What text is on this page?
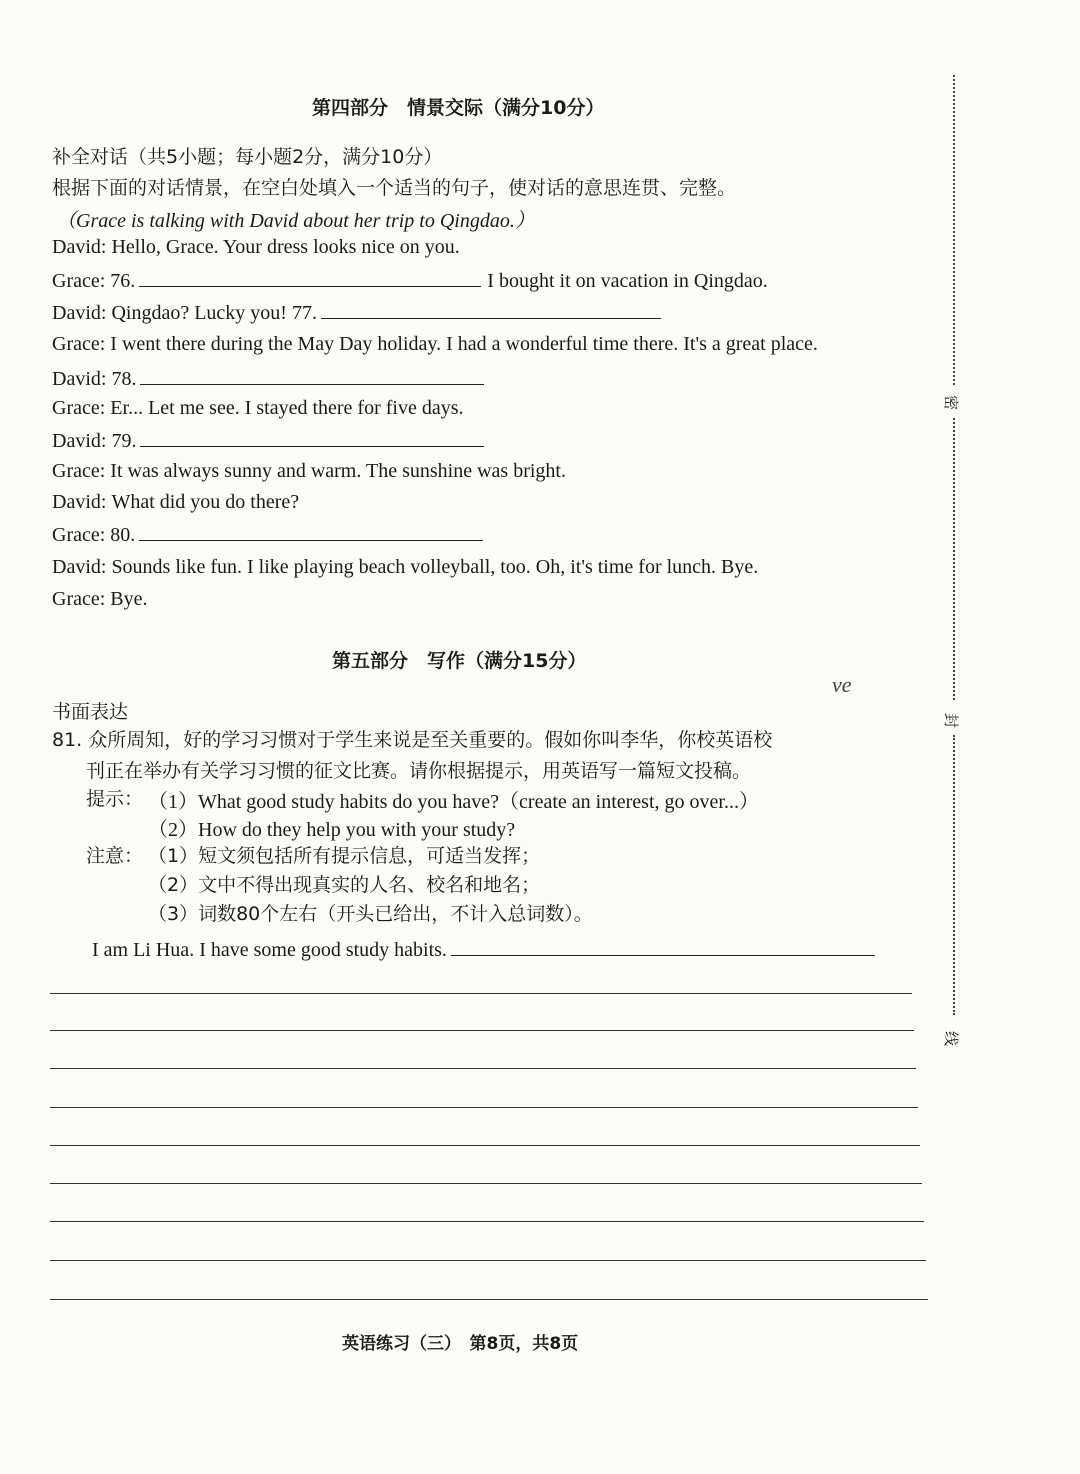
第四部分　情景交际（满分10分）
补全对话（共5小题；每小题2分，满分10分）
根据下面的对话情景，在空白处填入一个适当的句子，使对话的意思连贯、完整。
（Grace is talking with David about her trip to Qingdao.）
David: Hello, Grace. Your dress looks nice on you.
Grace: 76.	I bought it on vacation in Qingdao.
David: Qingdao? Lucky you! 77.
Grace: I went there during the May Day holiday. I had a wonderful time there. It's a great place.
David: 78.
Grace: Er... Let me see. I stayed there for five days.
David: 79.
Grace: It was always sunny and warm. The sunshine was bright.
David: What did you do there?
Grace: 80.
David: Sounds like fun. I like playing beach volleyball, too. Oh, it's time for lunch. Bye.
Grace: Bye.
第五部分　写作（满分15分）
ve
书面表达
81. 众所周知，好的学习习惯对于学生来说是至关重要的。假如你叫李华，你校英语校
刊正在举办有关学习习惯的征文比赛。请你根据提示，用英语写一篇短文投稿。
提示： （1）What good study habits do you have?（create an interest, go over...）
（2）How do they help you with your study?
注意： （1）短文须包括所有提示信息，可适当发挥；
（2）文中不得出现真实的人名、校名和地名；
（3）词数80个左右（开头已给出，不计入总词数）。
I am Li Hua. I have some good study habits.
密
封
线
英语练习（三）　第8页，共8页
